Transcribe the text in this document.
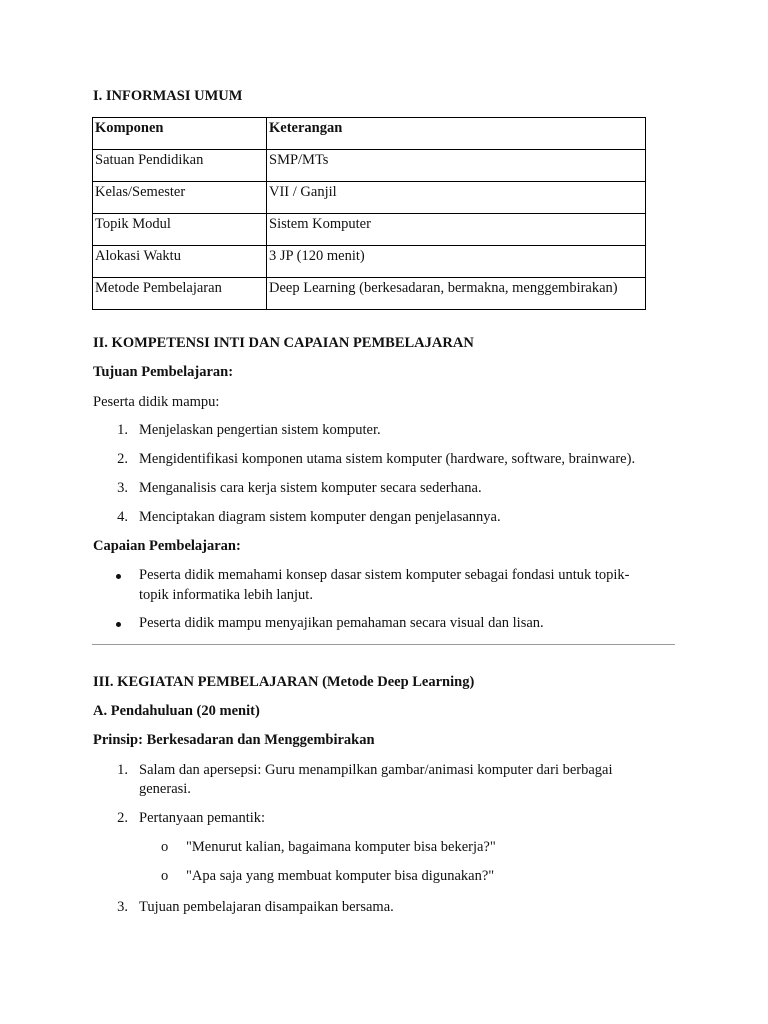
I. INFORMASI UMUM

Komponen	Keterangan
Satuan Pendidikan	SMP/MTs
Kelas/Semester	VII / Ganjil
Topik Modul	Sistem Komputer
Alokasi Waktu	3 JP (120 menit)
Metode Pembelajaran	Deep Learning (berkesadaran, bermakna, menggembirakan)

II. KOMPETENSI INTI DAN CAPAIAN PEMBELAJARAN

Tujuan Pembelajaran:

Peserta didik mampu:

1. Menjelaskan pengertian sistem komputer.
2. Mengidentifikasi komponen utama sistem komputer (hardware, software, brainware).
3. Menganalisis cara kerja sistem komputer secara sederhana.
4. Menciptakan diagram sistem komputer dengan penjelasannya.

Capaian Pembelajaran:

Peserta didik memahami konsep dasar sistem komputer sebagai fondasi untuk topik-
topik informatika lebih lanjut.
Peserta didik mampu menyajikan pemahaman secara visual dan lisan.

III. KEGIATAN PEMBELAJARAN (Metode Deep Learning)

A. Pendahuluan (20 menit)

Prinsip: Berkesadaran dan Menggembirakan

1. Salam dan apersepsi: Guru menampilkan gambar/animasi komputer dari berbagai
generasi.
2. Pertanyaan pemantik:
o "Menurut kalian, bagaimana komputer bisa bekerja?"
o "Apa saja yang membuat komputer bisa digunakan?"
3. Tujuan pembelajaran disampaikan bersama.
